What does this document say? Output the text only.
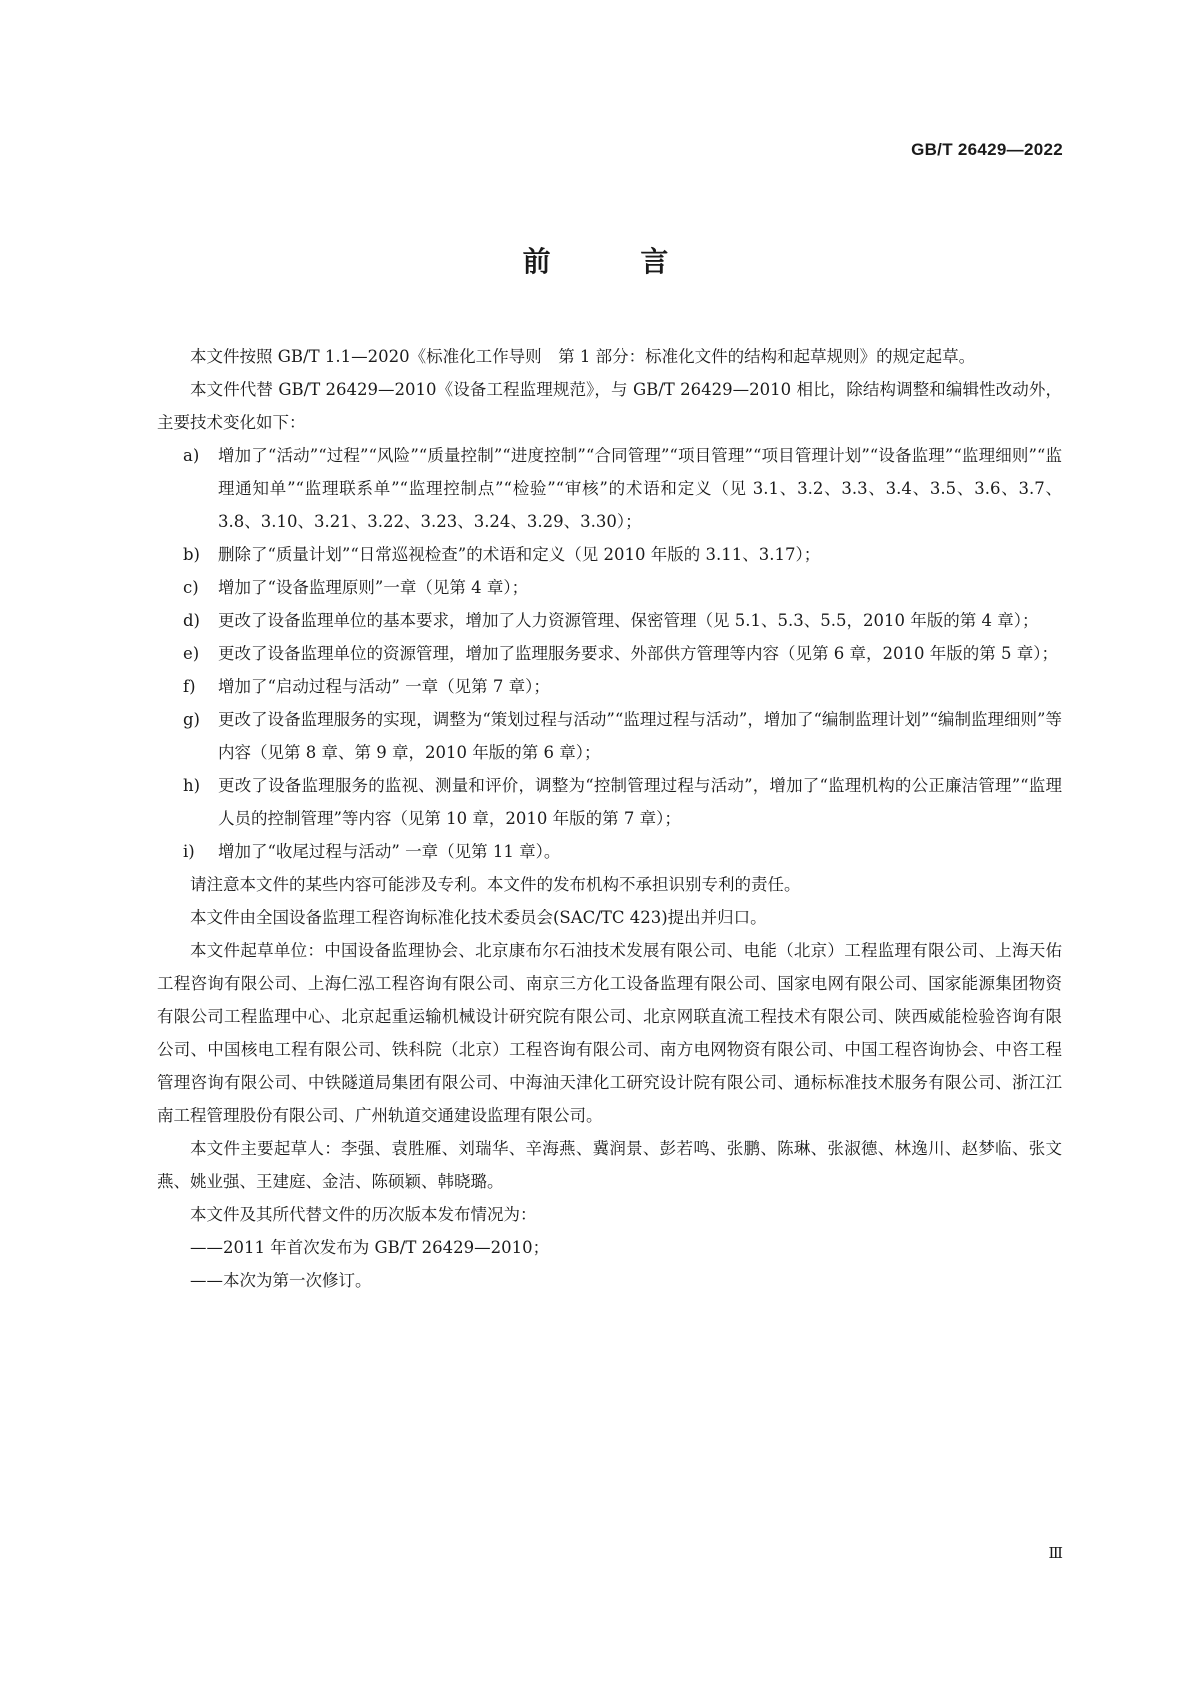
GB/T 26429—2022
前 言

本文件按照 GB/T 1.1—2020《标准化工作导则　第 1 部分：标准化文件的结构和起草规则》的规定起草。

本文件代替 GB/T 26429—2010《设备工程监理规范》，与 GB/T 26429—2010 相比，除结构调整和编辑性改动外，主要技术变化如下：

a)	增加了“活动”“过程”“风险”“质量控制”“进度控制”“合同管理”“项目管理”“项目管理计划”“设备监理”“监理细则”“监理通知单”“监理联系单”“监理控制点”“检验”“审核”的术语和定义（见 3.1、3.2、3.3、3.4、3.5、3.6、3.7、3.8、3.10、3.21、3.22、3.23、3.24、3.29、3.30）；
b)	删除了“质量计划”“日常巡视检查”的术语和定义（见 2010 年版的 3.11、3.17）；
c)	增加了“设备监理原则”一章（见第 4 章）；
d)	更改了设备监理单位的基本要求，增加了人力资源管理、保密管理（见 5.1、5.3、5.5，2010 年版的第 4 章）；
e)	更改了设备监理单位的资源管理，增加了监理服务要求、外部供方管理等内容（见第 6 章，2010 年版的第 5 章）；
f)	增加了“启动过程与活动” 一章（见第 7 章）；
g)	更改了设备监理服务的实现，调整为“策划过程与活动”“监理过程与活动”，增加了“编制监理计划”“编制监理细则”等内容（见第 8 章、第 9 章，2010 年版的第 6 章）；
h)	更改了设备监理服务的监视、测量和评价，调整为“控制管理过程与活动”，增加了“监理机构的公正廉洁管理”“监理人员的控制管理”等内容（见第 10 章，2010 年版的第 7 章）；
i)	增加了“收尾过程与活动” 一章（见第 11 章）。

请注意本文件的某些内容可能涉及专利。本文件的发布机构不承担识别专利的责任。

本文件由全国设备监理工程咨询标准化技术委员会(SAC/TC 423)提出并归口。

本文件起草单位：中国设备监理协会、北京康布尔石油技术发展有限公司、电能（北京）工程监理有限公司、上海天佑工程咨询有限公司、上海仁泓工程咨询有限公司、南京三方化工设备监理有限公司、国家电网有限公司、国家能源集团物资有限公司工程监理中心、北京起重运输机械设计研究院有限公司、北京网联直流工程技术有限公司、陕西威能检验咨询有限公司、中国核电工程有限公司、铁科院（北京）工程咨询有限公司、南方电网物资有限公司、中国工程咨询协会、中咨工程管理咨询有限公司、中铁隧道局集团有限公司、中海油天津化工研究设计院有限公司、通标标准技术服务有限公司、浙江江南工程管理股份有限公司、广州轨道交通建设监理有限公司。

本文件主要起草人：李强、袁胜雁、刘瑞华、辛海燕、冀润景、彭若鸣、张鹏、陈琳、张淑德、林逸川、赵梦临、张文燕、姚业强、王建庭、金洁、陈硕颖、韩晓璐。

本文件及其所代替文件的历次版本发布情况为：

——2011 年首次发布为 GB/T 26429—2010；

——本次为第一次修订。

Ⅲ
